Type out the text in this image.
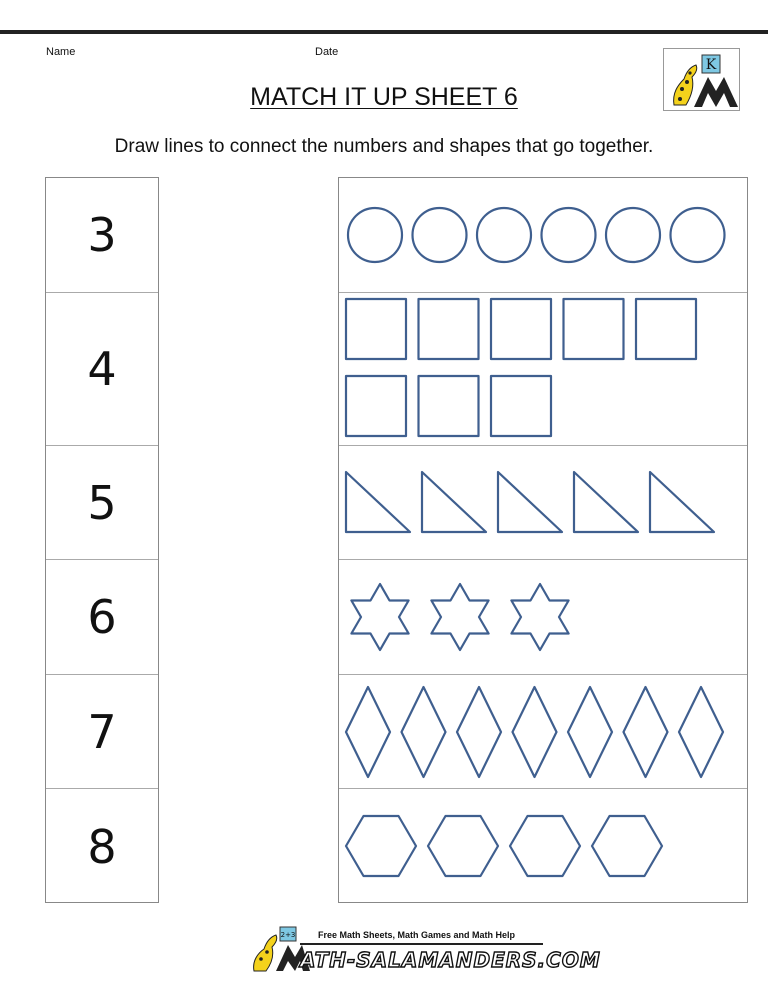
Name	Date
K
MATCH IT UP SHEET 6
Draw lines to connect the numbers and shapes that go together.
3
4
5
6
7
8
2+3	Free Math Sheets, Math Games and Math Help
ATH-SALAMANDERS.COM
